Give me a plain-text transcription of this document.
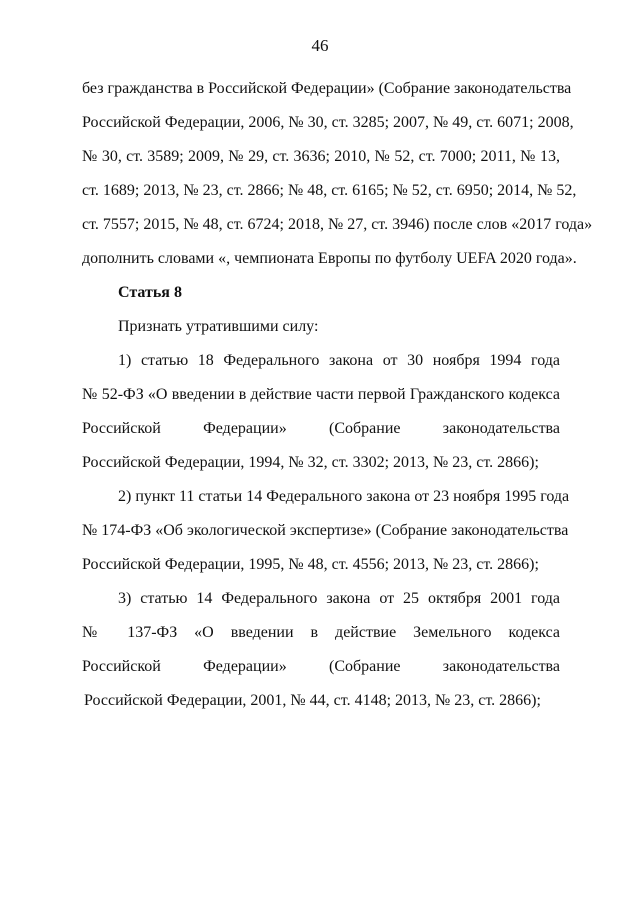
46
без гражданства в Российской Федерации» (Собрание законодательства
Российской Федерации, 2006, № 30, ст. 3285; 2007, № 49, ст. 6071; 2008,
№ 30, ст. 3589; 2009, № 29, ст. 3636; 2010, № 52, ст. 7000; 2011, № 13,
ст. 1689; 2013, № 23, ст. 2866; № 48, ст. 6165; № 52, ст. 6950; 2014, № 52,
ст. 7557; 2015, № 48, ст. 6724; 2018, № 27, ст. 3946) после слов «2017 года»
дополнить словами «, чемпионата Европы по футболу UEFA 2020 года».
Статья 8
Признать утратившими силу:
1) статью 18 Федерального закона от 30 ноября 1994 года
№ 52-ФЗ «О введении в действие части первой Гражданского кодекса
Российской Федерации» (Собрание законодательства
Российской Федерации, 1994, № 32, ст. 3302; 2013, № 23, ст. 2866);
2) пункт 11 статьи 14 Федерального закона от 23 ноября 1995 года
№ 174-ФЗ «Об экологической экспертизе» (Собрание законодательства
Российской Федерации, 1995, № 48, ст. 4556; 2013, № 23, ст. 2866);
3) статью 14 Федерального закона от 25 октября 2001 года
№ 137-ФЗ «О введении в действие Земельного кодекса
Российской Федерации» (Собрание законодательства
Российской Федерации, 2001, № 44, ст. 4148; 2013, № 23, ст. 2866);
